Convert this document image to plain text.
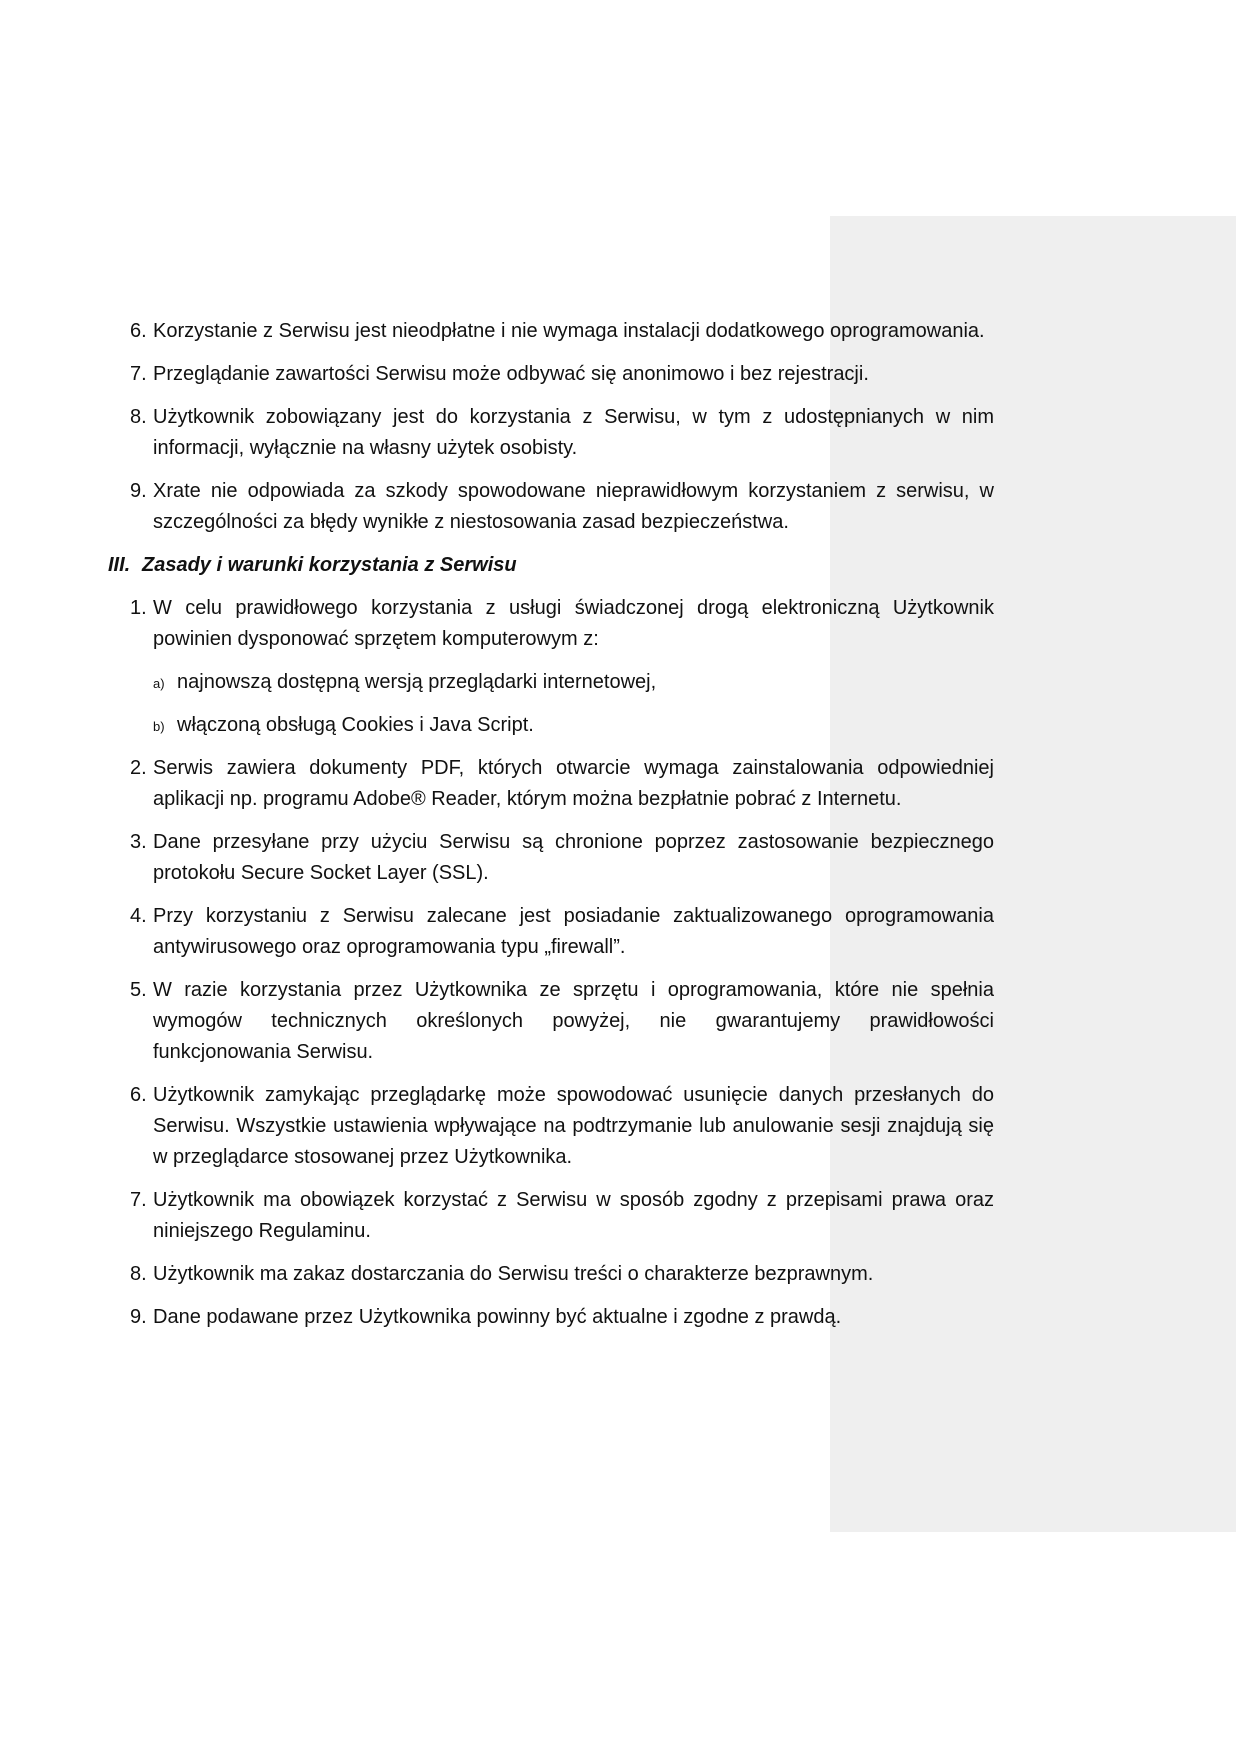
6. Korzystanie z Serwisu jest nieodpłatne i nie wymaga instalacji dodatkowego oprogramowania.
7. Przeglądanie zawartości Serwisu może odbywać się anonimowo i bez rejestracji.
8. Użytkownik zobowiązany jest do korzystania z Serwisu, w tym z udostępnianych w nim informacji, wyłącznie na własny użytek osobisty.
9. Xrate nie odpowiada za szkody spowodowane nieprawidłowym korzystaniem z serwisu, w szczególności za błędy wynikłe z niestosowania zasad bezpieczeństwa.
III. Zasady i warunki korzystania z Serwisu
1. W celu prawidłowego korzystania z usługi świadczonej drogą elektroniczną Użytkownik powinien dysponować sprzętem komputerowym z:
a) najnowszą dostępną wersją przeglądarki internetowej,
b) włączoną obsługą Cookies i Java Script.
2. Serwis zawiera dokumenty PDF, których otwarcie wymaga zainstalowania odpowiedniej aplikacji np. programu Adobe® Reader, którym można bezpłatnie pobrać z Internetu.
3. Dane przesyłane przy użyciu Serwisu są chronione poprzez zastosowanie bezpiecznego protokołu Secure Socket Layer (SSL).
4. Przy korzystaniu z Serwisu zalecane jest posiadanie zaktualizowanego oprogramowania antywirusowego oraz oprogramowania typu „firewall”.
5. W razie korzystania przez Użytkownika ze sprzętu i oprogramowania, które nie spełnia wymogów technicznych określonych powyżej, nie gwarantujemy prawidłowości funkcjonowania Serwisu.
6. Użytkownik zamykając przeglądarkę może spowodować usunięcie danych przesłanych do Serwisu. Wszystkie ustawienia wpływające na podtrzymanie lub anulowanie sesji znajdują się w przeglądarce stosowanej przez Użytkownika.
7. Użytkownik ma obowiązek korzystać z Serwisu w sposób zgodny z przepisami prawa oraz niniejszego Regulaminu.
8. Użytkownik ma zakaz dostarczania do Serwisu treści o charakterze bezprawnym.
9. Dane podawane przez Użytkownika powinny być aktualne i zgodne z prawdą.
